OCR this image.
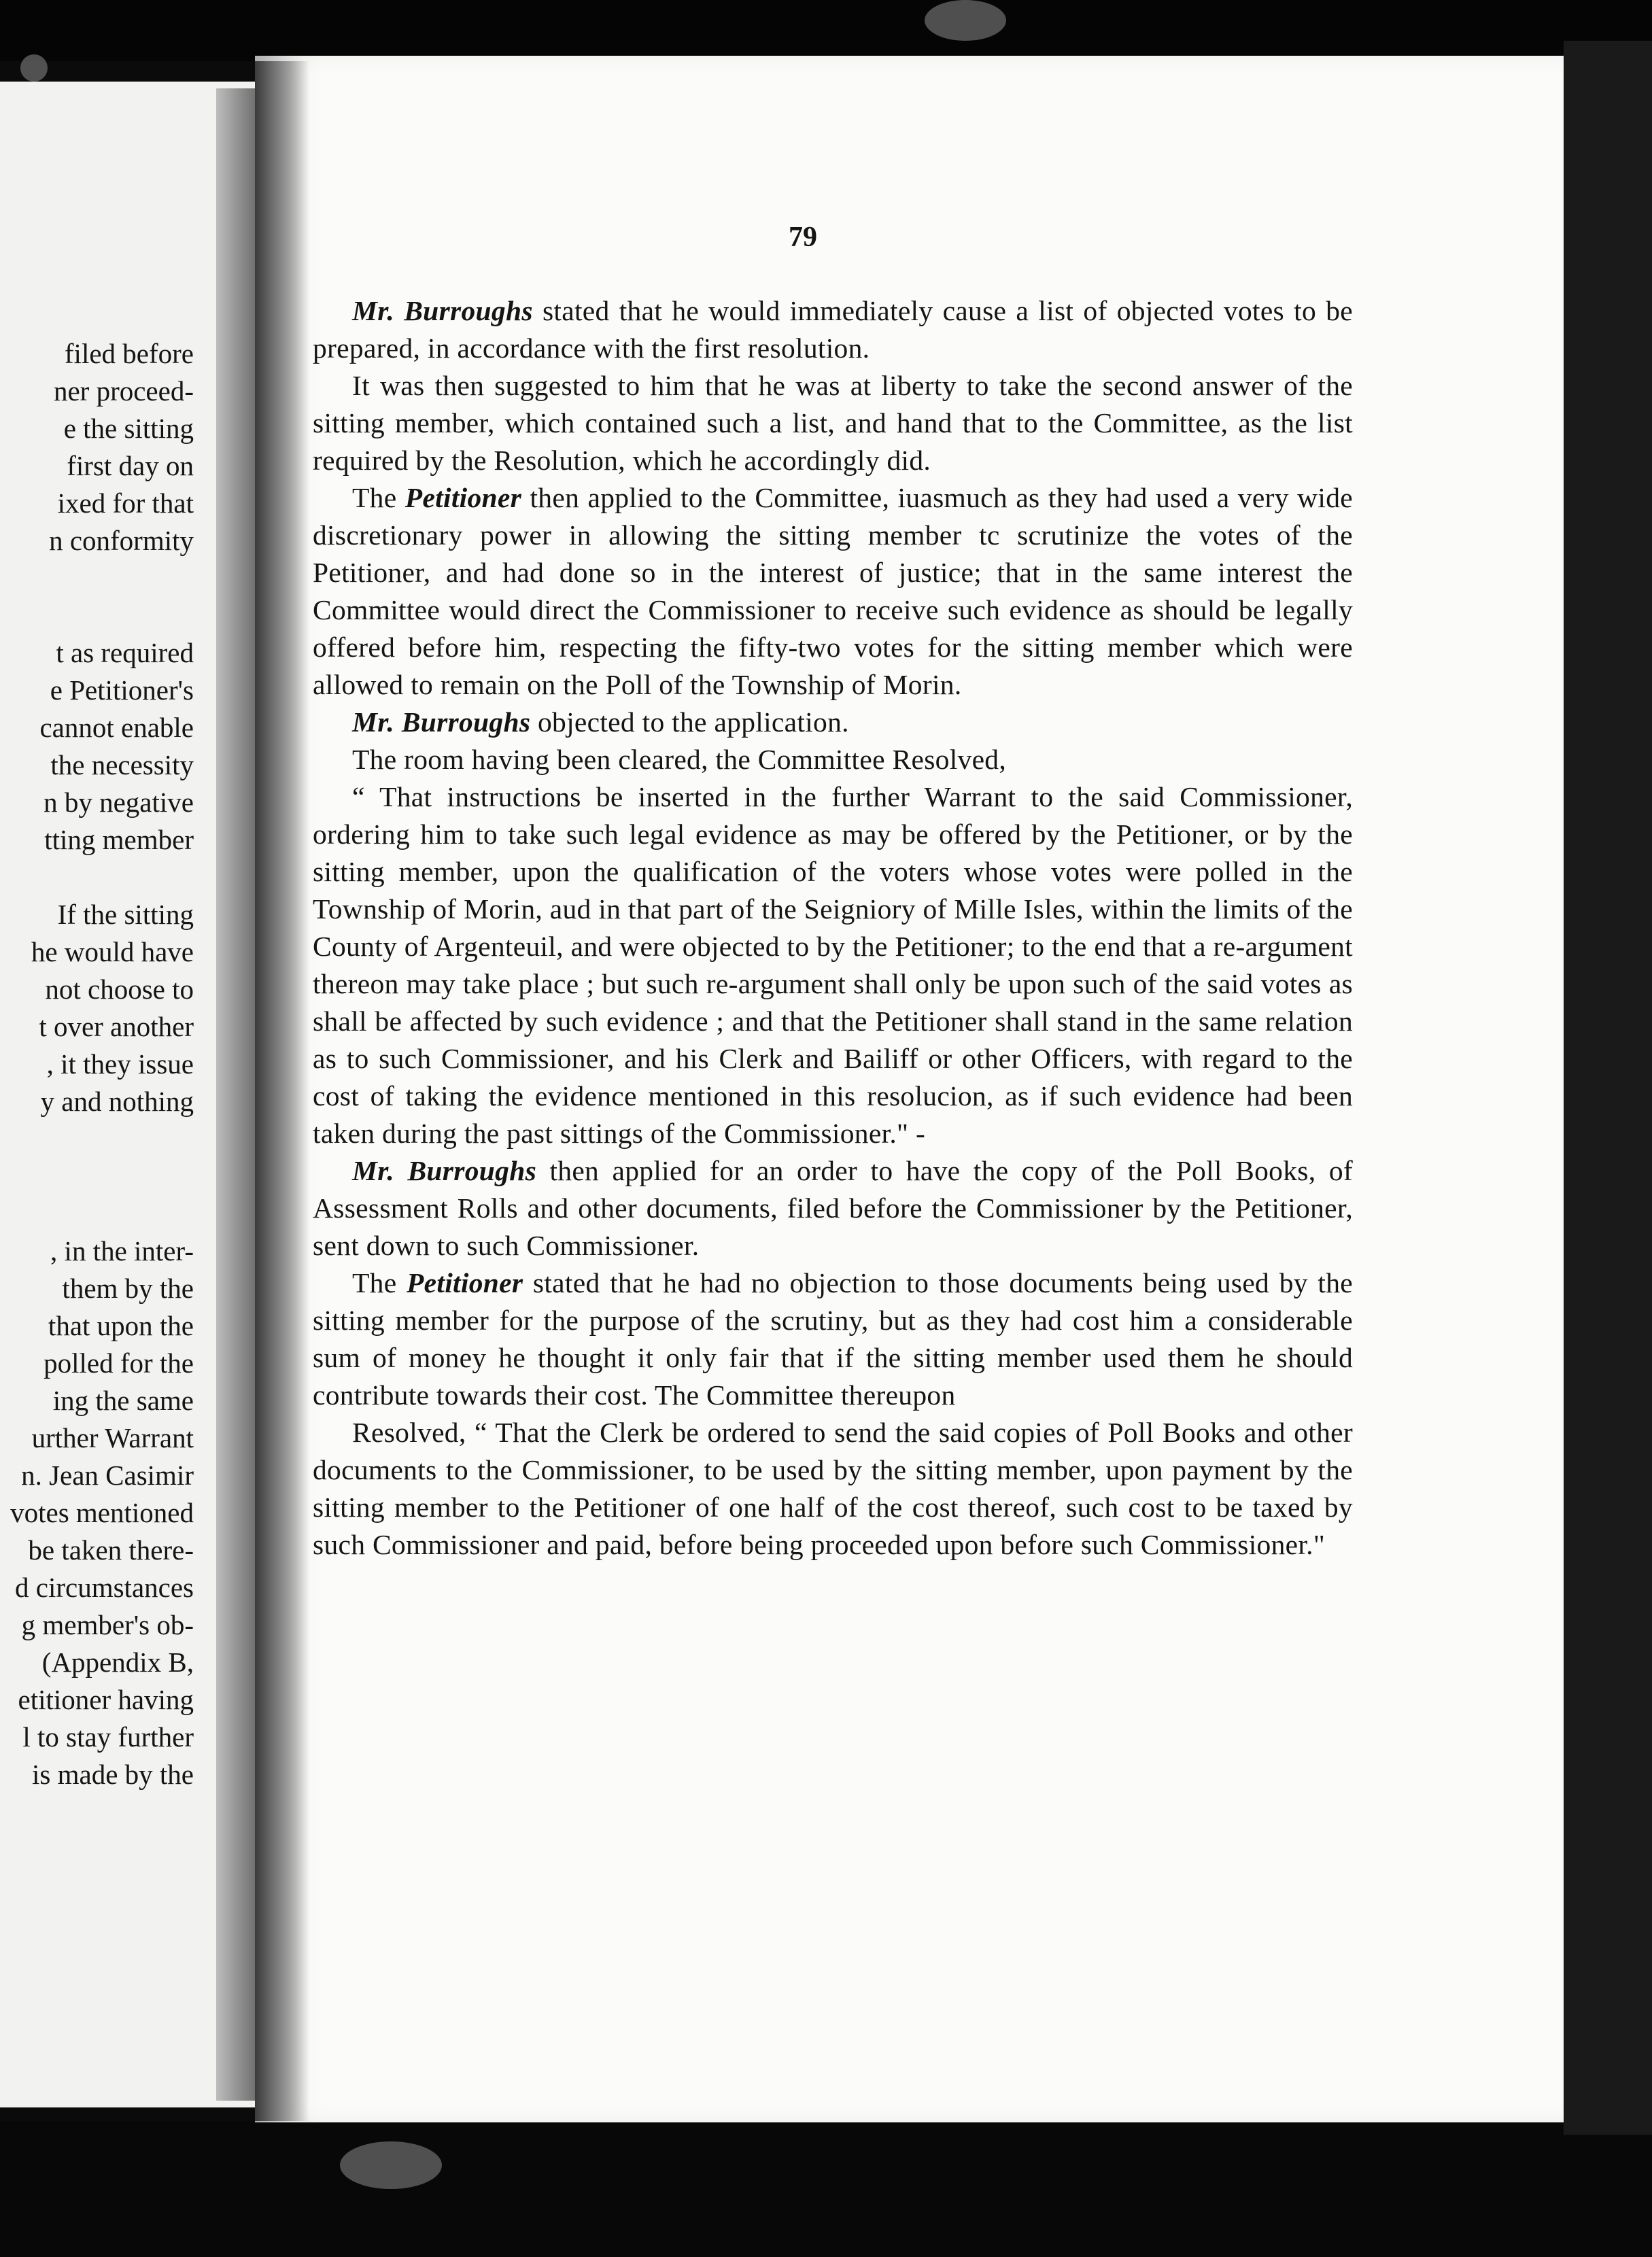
filed before
ner proceed-
e the sitting
first day on
ixed for that
n conformity
t as required
e Petitioner's
cannot enable
the necessity
n by negative
tting member
If the sitting
he would have
not choose to
t over another
, it they issue
y and nothing
, in the inter-
them by the
that upon the
polled for the
ing the same
urther Warrant
n. Jean Casimir
votes mentioned
be taken there-
d circumstances
g member's ob-
(Appendix B,
etitioner having
l to stay further
is made by the
79

Mr. Burroughs stated that he would immediately cause a list of objected votes to be prepared, in accordance with the first resolution.

It was then suggested to him that he was at liberty to take the second answer of the sitting member, which contained such a list, and hand that to the Committee, as the list required by the Resolution, which he accordingly did.

The Petitioner then applied to the Committee, iuasmuch as they had used a very wide discretionary power in allowing the sitting member tc scrutinize the votes of the Petitioner, and had done so in the interest of justice; that in the same interest the Committee would direct the Commissioner to receive such evidence as should be legally offered before him, respecting the fifty-two votes for the sitting member which were allowed to remain on the Poll of the Township of Morin.

Mr. Burroughs objected to the application.

The room having been cleared, the Committee Resolved,

“ That instructions be inserted in the further Warrant to the said Commissioner, ordering him to take such legal evidence as may be offered by the Petitioner, or by the sitting member, upon the qualification of the voters whose votes were polled in the Township of Morin, aud in that part of the Seigniory of Mille Isles, within the limits of the County of Argenteuil, and were objected to by the Petitioner; to the end that a re-argument thereon may take place ; but such re-argument shall only be upon such of the said votes as shall be affected by such evidence ; and that the Petitioner shall stand in the same relation as to such Commissioner, and his Clerk and Bailiff or other Officers, with regard to the cost of taking the evidence mentioned in this resolucion, as if such evidence had been taken during the past sittings of the Commissioner." -

Mr. Burroughs then applied for an order to have the copy of the Poll Books, of Assessment Rolls and other documents, filed before the Commissioner by the Petitioner, sent down to such Commissioner.

The Petitioner stated that he had no objection to those documents being used by the sitting member for the purpose of the scrutiny, but as they had cost him a considerable sum of money he thought it only fair that if the sitting member used them he should contribute towards their cost. The Committee thereupon

Resolved, “ That the Clerk be ordered to send the said copies of Poll Books and other documents to the Commissioner, to be used by the sitting member, upon payment by the sitting member to the Petitioner of one half of the cost thereof, such cost to be taxed by such Commissioner and paid, before being proceeded upon before such Commissioner."
